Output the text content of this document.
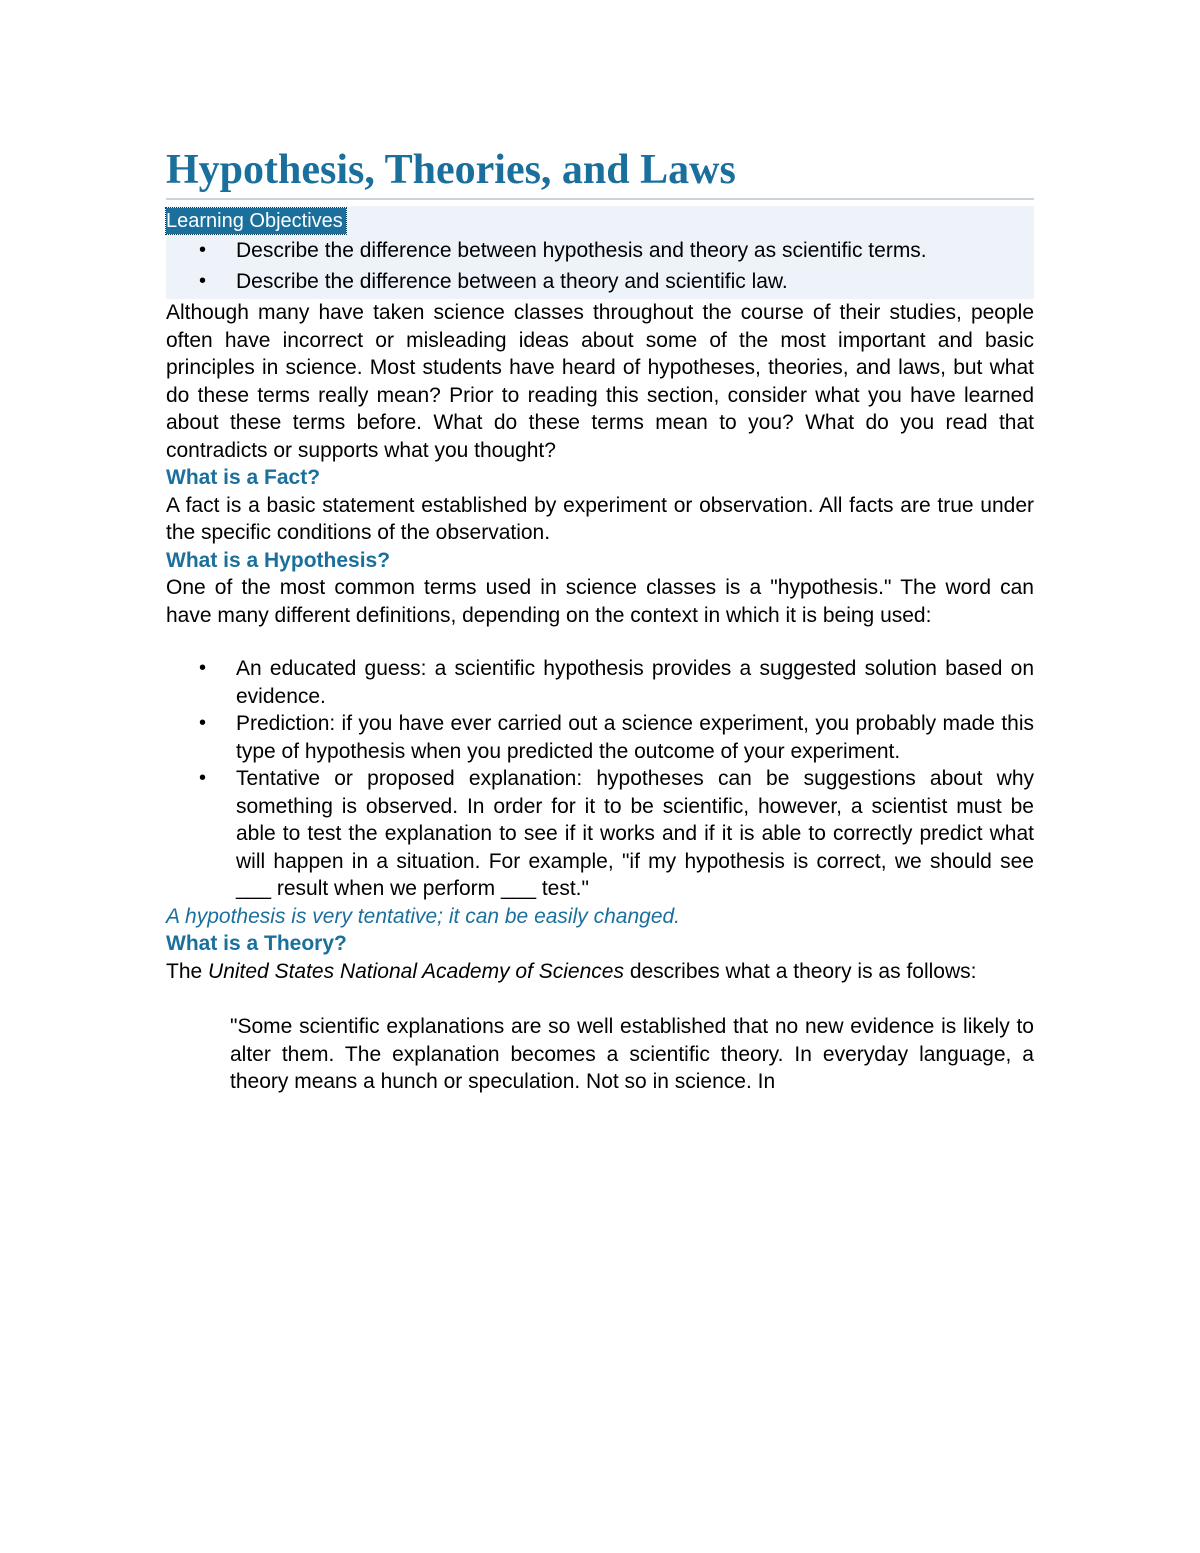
Hypothesis, Theories, and Laws
Learning Objectives
• Describe the difference between hypothesis and theory as scientific terms.
• Describe the difference between a theory and scientific law.

Although many have taken science classes throughout the course of their studies, people often have incorrect or misleading ideas about some of the most important and basic principles in science. Most students have heard of hypotheses, theories, and laws, but what do these terms really mean? Prior to reading this section, consider what you have learned about these terms before. What do these terms mean to you? What do you read that contradicts or supports what you thought?

What is a Fact?

A fact is a basic statement established by experiment or observation. All facts are true under the specific conditions of the observation.

What is a Hypothesis?

One of the most common terms used in science classes is a "hypothesis." The word can have many different definitions, depending on the context in which it is being used:

• An educated guess: a scientific hypothesis provides a suggested solution based on evidence.
• Prediction: if you have ever carried out a science experiment, you probably made this type of hypothesis when you predicted the outcome of your experiment.
• Tentative or proposed explanation: hypotheses can be suggestions about why something is observed. In order for it to be scientific, however, a scientist must be able to test the explanation to see if it works and if it is able to correctly predict what will happen in a situation. For example, "if my hypothesis is correct, we should see ___ result when we perform ___ test."

A hypothesis is very tentative; it can be easily changed.

What is a Theory?

The United States National Academy of Sciences describes what a theory is as follows:

"Some scientific explanations are so well established that no new evidence is likely to alter them. The explanation becomes a scientific theory. In everyday language, a theory means a hunch or speculation. Not so in science. In
